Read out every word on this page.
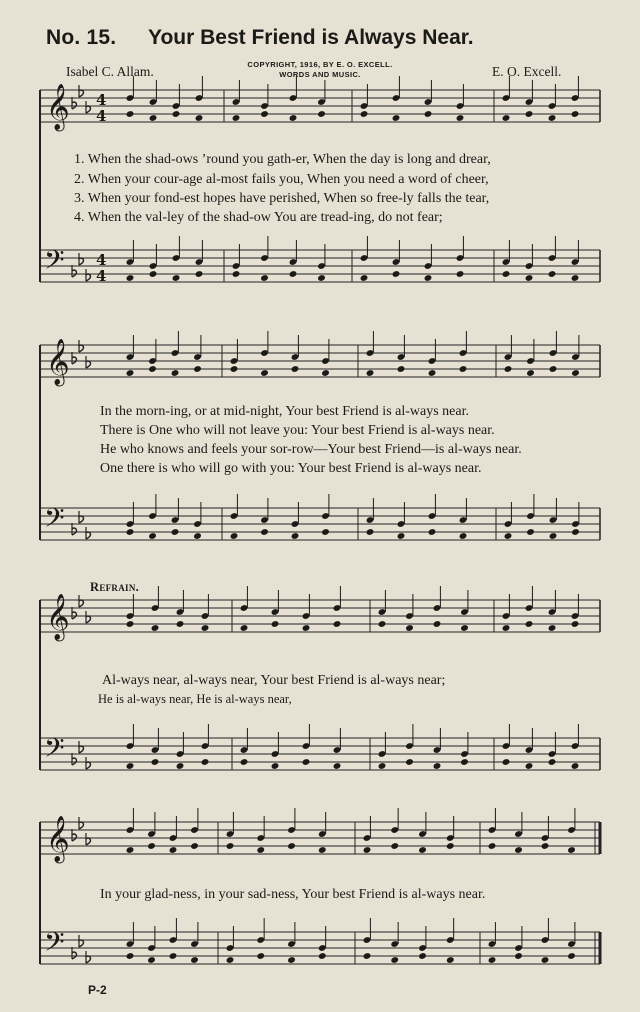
No. 15. Your Best Friend is Always Near.
Isabel C. Allam.	COPYRIGHT, 1916, BY E. O. EXCELL.
WORDS AND MUSIC.	E. O. Excell.
𝄞
𝄢
4
4
4
4
𝄞
𝄢
𝄞
𝄢
𝄞
𝄢
1. When the shad-ows ’round you gath-er, When the day is long and drear,
2. When your cour-age al-most fails you, When you need a word of cheer,
3. When your fond-est hopes have perished, When so free-ly falls the tear,
4. When the val-ley of the shad-ow You are tread-ing, do not fear;
In the morn-ing, or at mid-night, Your best Friend is al-ways near.
There is One who will not leave you: Your best Friend is al-ways near.
He who knows and feels your sor-row—Your best Friend—is al-ways near.
One there is who will go with you: Your best Friend is al-ways near.
Refrain.
Al-ways near, al-ways near, Your best Friend is al-ways near;
He is al-ways near, He is al-ways near,
In your glad-ness, in your sad-ness, Your best Friend is al-ways near.
P-2
